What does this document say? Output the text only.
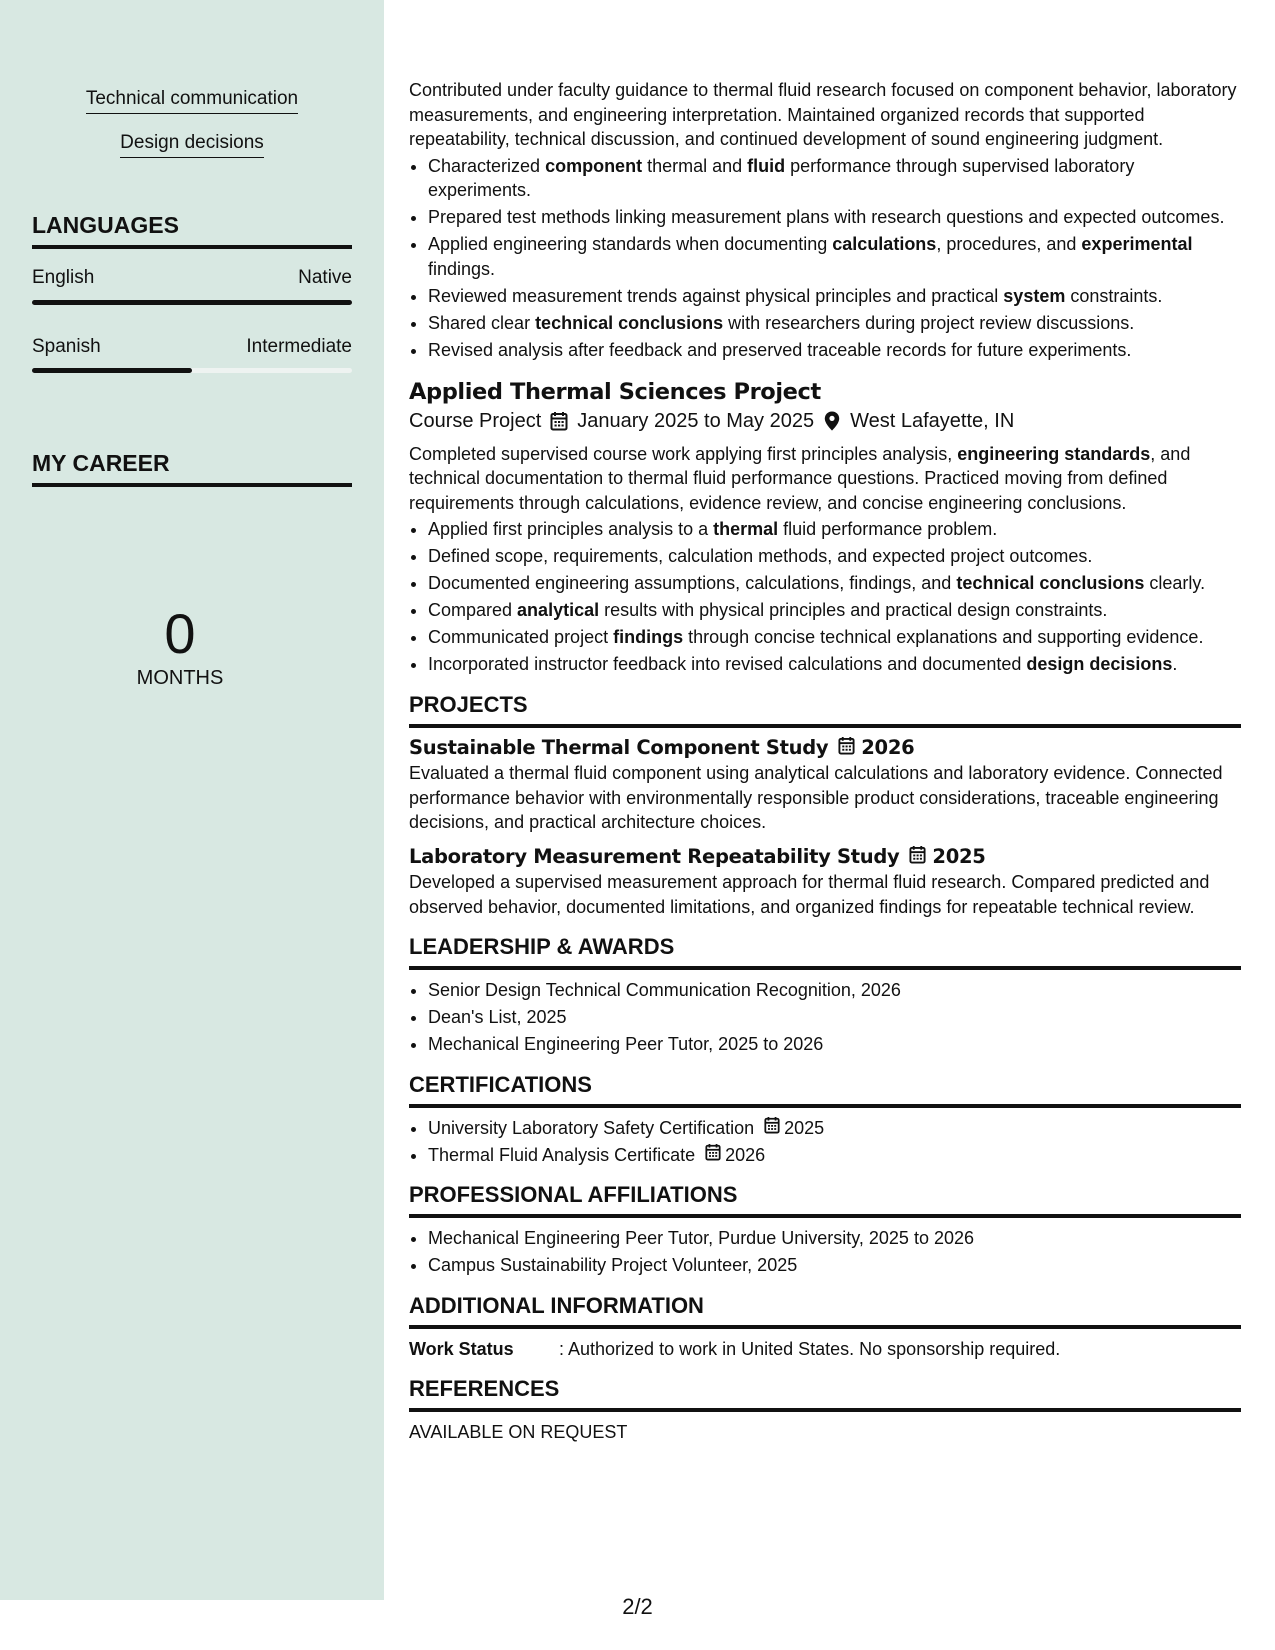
Technical communication
Design decisions
LANGUAGES
English	Native
Spanish	Intermediate
MY CAREER
0
MONTHS

Contributed under faculty guidance to thermal fluid research focused on component behavior, laboratory measurements, and engineering interpretation. Maintained organized records that supported repeatability, technical discussion, and continued development of sound engineering judgment.

• Characterized component thermal and fluid performance through supervised laboratory experiments.
• Prepared test methods linking measurement plans with research questions and expected outcomes.
• Applied engineering standards when documenting calculations, procedures, and experimental findings.
• Reviewed measurement trends against physical principles and practical system constraints.
• Shared clear technical conclusions with researchers during project review discussions.
• Revised analysis after feedback and preserved traceable records for future experiments.
Applied Thermal Sciences Project
Course Project January 2025 to May 2025 West Lafayette, IN

Completed supervised course work applying first principles analysis, engineering standards, and technical documentation to thermal fluid performance questions. Practiced moving from defined requirements through calculations, evidence review, and concise engineering conclusions.

• Applied first principles analysis to a thermal fluid performance problem.
• Defined scope, requirements, calculation methods, and expected project outcomes.
• Documented engineering assumptions, calculations, findings, and technical conclusions clearly.
• Compared analytical results with physical principles and practical design constraints.
• Communicated project findings through concise technical explanations and supporting evidence.
• Incorporated instructor feedback into revised calculations and documented design decisions.
PROJECTS
Sustainable Thermal Component Study 2026

Evaluated a thermal fluid component using analytical calculations and laboratory evidence. Connected performance behavior with environmentally responsible product considerations, traceable engineering decisions, and practical architecture choices.

Laboratory Measurement Repeatability Study 2025

Developed a supervised measurement approach for thermal fluid research. Compared predicted and observed behavior, documented limitations, and organized findings for repeatable technical review.

LEADERSHIP & AWARDS
• Senior Design Technical Communication Recognition, 2026
• Dean's List, 2025
• Mechanical Engineering Peer Tutor, 2025 to 2026
CERTIFICATIONS
• University Laboratory Safety Certification 2025
• Thermal Fluid Analysis Certificate 2026
PROFESSIONAL AFFILIATIONS
• Mechanical Engineering Peer Tutor, Purdue University, 2025 to 2026
• Campus Sustainability Project Volunteer, 2025
ADDITIONAL INFORMATION
Work Status	: Authorized to work in United States. No sponsorship required.
REFERENCES

AVAILABLE ON REQUEST

2/2
